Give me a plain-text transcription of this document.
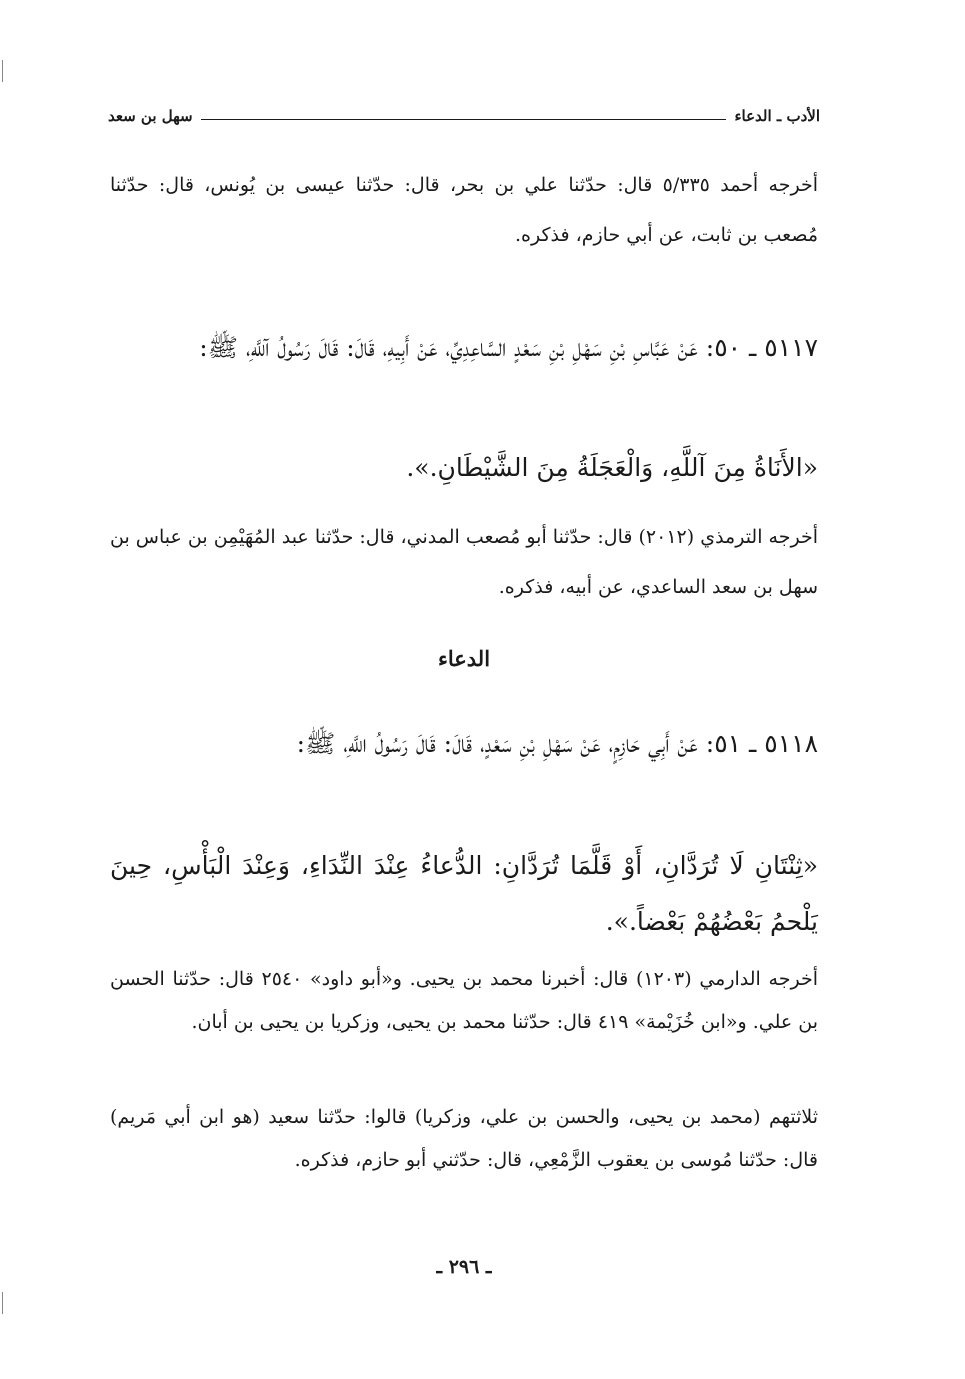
الأدب ـ الدعاء
سهل بن سعد

أخرجه أحمد ٥/٣٣٥ قال: حدّثنا علي بن بحر، قال: حدّثنا عيسى بن يُونس، قال: حدّثنا مُصعب بن ثابت، عن أبي حازم، فذكره.

٥١١٧ ـ ٥٠: عَنْ عَبَّاسِ بْنِ سَهْلِ بْنِ سَعْدٍ السَّاعِدِيِّ، عَنْ أَبِيهِ، قَالَ: قَالَ رَسُولُ آللَّهِ، ﷺ:

«الأَنَاةُ مِنَ آللَّهِ، وَالْعَجَلَةُ مِنَ الشَّيْطَانِ.».

أخرجه الترمذي (٢٠١٢) قال: حدّثنا أبو مُصعب المدني، قال: حدّثنا عبد المُهَيْمِن بن عباس بن سهل بن سعد الساعدي، عن أبيه، فذكره.

الدعاء

٥١١٨ ـ ٥١: عَنْ أَبِي حَازِمٍ، عَنْ سَهْلِ بْنِ سَعْدٍ، قَالَ: قَالَ رَسُولُ اللَّهِ، ﷺ:

«ثِنْتَانِ لَا تُرَدَّانِ، أَوْ قَلَّمَا تُرَدَّانِ: الدُّعاءُ عِنْدَ النِّدَاءِ، وَعِنْدَ الْبَأْسِ، حِينَ يَلْحمُ بَعْضُهُمْ بَعْضاً.».

أخرجه الدارمي (١٢٠٣) قال: أخبرنا محمد بن يحيى. و«أبو داود» ٢٥٤٠ قال: حدّثنا الحسن بن علي. و«ابن خُزَيْمة» ٤١٩ قال: حدّثنا محمد بن يحيى، وزكريا بن يحيى بن أبان.

ثلاثتهم (محمد بن يحيى، والحسن بن علي، وزكريا) قالوا: حدّثنا سعيد (هو ابن أبي مَريم) قال: حدّثنا مُوسى بن يعقوب الزَّمْعِي، قال: حدّثني أبو حازم، فذكره.

ـ ٢٩٦ ـ
